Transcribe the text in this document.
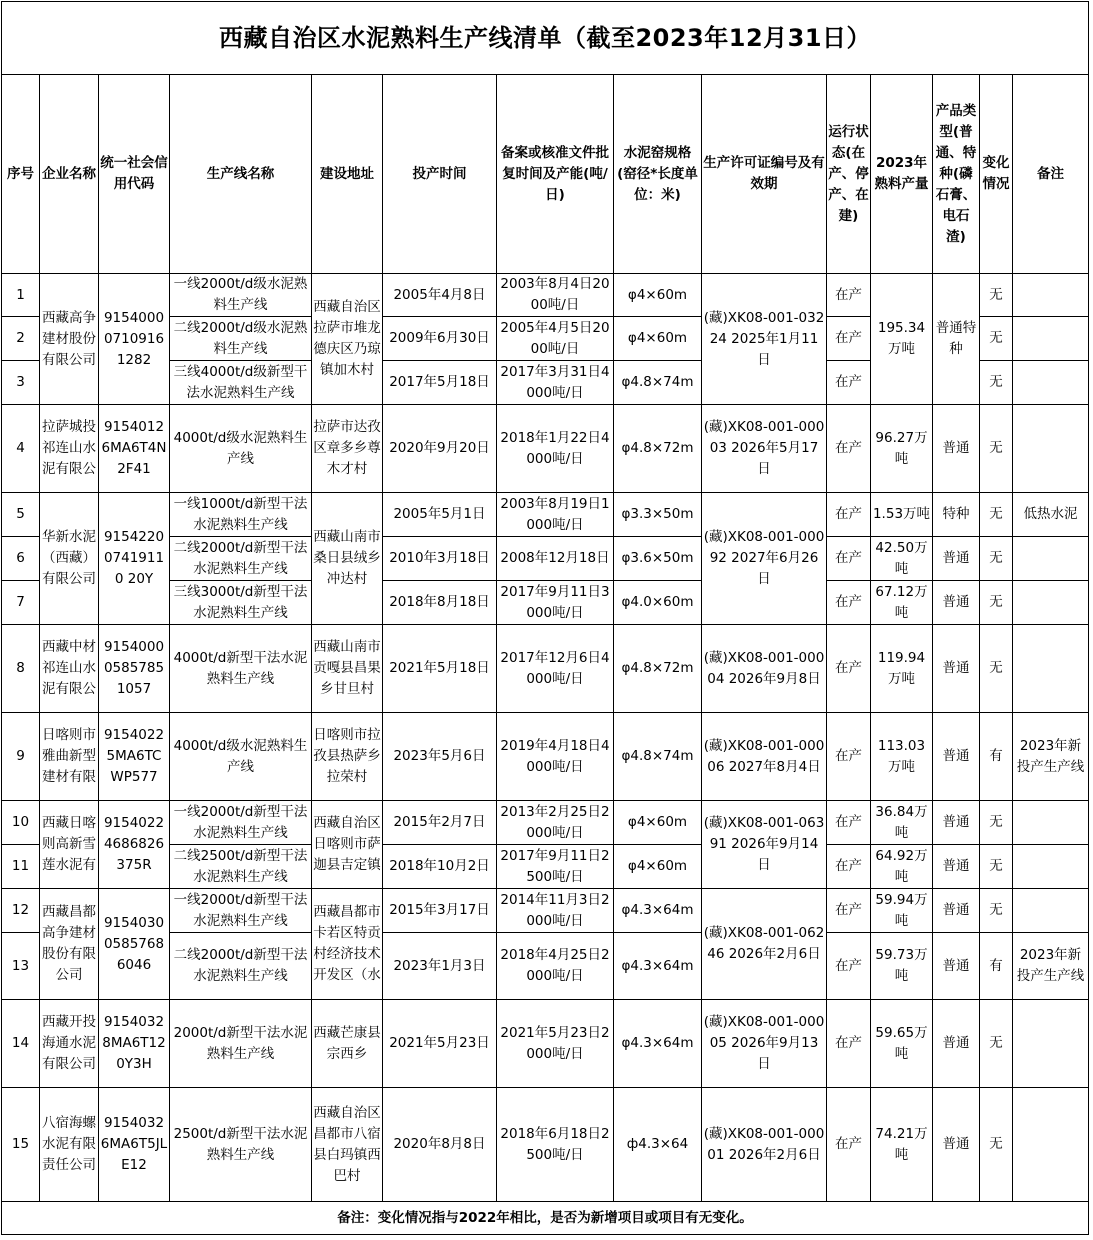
西藏自治区水泥熟料生产线清单（截至2023年12月31日）													
序号	企业名称	统一社会信用代码	生产线名称	建设地址	投产时间	备案或核准文件批复时间及产能(吨/日)	水泥窑规格(窑径*长度单位：米)	生产许可证编号及有效期	运行状态(在产、停产、在建)	2023年熟料产量	产品类型(普通、特种(磷石膏、电石渣)	变化情况	备注
1	西藏高争建材股份有限公司	915400007109161282	一线2000t/d级水泥熟料生产线	西藏自治区拉萨市堆龙德庆区乃琼镇加木村	2005年4月8日	2003年8月4日2000吨/日	φ4×60m	(藏)XK08-001-03224 2025年1月11日	在产	195.34万吨	普通特种	无	
2			二线2000t/d级水泥熟料生产线		2009年6月30日	2005年4月5日2000吨/日	φ4×60m		在产			无	
3			三线4000t/d级新型干法水泥熟料生产线		2017年5月18日	2017年3月31日4000吨/日	φ4.8×74m		在产			无	
4	拉萨城投祁连山水泥有限公	91540126MA6T4N2F41	4000t/d级水泥熟料生产线	拉萨市达孜区章多乡尊木才村	2020年9月20日	2018年1月22日4000吨/日	φ4.8×72m	(藏)XK08-001-00003 2026年5月17日	在产	96.27万吨	普通	无	
5	华新水泥（西藏）有限公司	915422007419110 20Y	一线1000t/d新型干法水泥熟料生产线	西藏山南市桑日县绒乡冲达村	2005年5月1日	2003年8月19日1000吨/日	φ3.3×50m	(藏)XK08-001-00092 2027年6月26日	在产	1.53万吨	特种	无	低热水泥
6			二线2000t/d新型干法水泥熟料生产线		2010年3月18日	2008年12月18日	φ3.6×50m		在产	42.50万吨	普通	无	
7			三线3000t/d新型干法水泥熟料生产线		2018年8月18日	2017年9月11日3000吨/日	φ4.0×60m		在产	67.12万吨	普通	无	
8	西藏中材祁连山水泥有限公	915400005857851057	4000t/d新型干法水泥熟料生产线	西藏山南市贡嘎县昌果乡甘旦村	2021年5月18日	2017年12月6日4000吨/日	φ4.8×72m	(藏)XK08-001-00004 2026年9月8日	在产	119.94万吨	普通	无	
9	日喀则市雅曲新型建材有限	91540225MA6TCWP577	4000t/d级水泥熟料生产线	日喀则市拉孜县热萨乡拉荣村	2023年5月6日	2019年4月18日4000吨/日	φ4.8×74m	(藏)XK08-001-00006 2027年8月4日	在产	113.03万吨	普通	有	2023年新投产生产线
10	西藏日喀则高新雪莲水泥有	91540224686826375R	一线2000t/d新型干法水泥熟料生产线	西藏自治区日喀则市萨迦县吉定镇	2015年2月7日	2013年2月25日2000吨/日	φ4×60m	(藏)XK08-001-06391 2026年9月14日	在产	36.84万吨	普通	无	
11			二线2500t/d新型干法水泥熟料生产线		2018年10月2日	2017年9月11日2500吨/日	φ4×60m		在产	64.92万吨	普通	无	
12	西藏昌都高争建材股份有限公司	915403005857686046	一线2000t/d新型干法水泥熟料生产线	西藏昌都市卡若区特贡村经济技术开发区（水	2015年3月17日	2014年11月3日2000吨/日	φ4.3×64m	(藏)XK08-001-06246 2026年2月6日	在产	59.94万吨	普通	无	
13			二线2000t/d新型干法水泥熟料生产线		2023年1月3日	2018年4月25日2000吨/日	φ4.3×64m		在产	59.73万吨	普通	有	2023年新投产生产线
14	西藏开投海通水泥有限公司	91540328MA6T120Y3H	2000t/d新型干法水泥熟料生产线	西藏芒康县宗西乡	2021年5月23日	2021年5月23日2000吨/日	φ4.3×64m	(藏)XK08-001-00005 2026年9月13日	在产	59.65万吨	普通	无	
15	八宿海螺水泥有限责任公司	91540326MA6T5JLE12	2500t/d新型干法水泥熟料生产线	西藏自治区昌都市八宿县白玛镇西巴村	2020年8月8日	2018年6月18日2500吨/日	ф4.3×64	(藏)XK08-001-00001 2026年2月6日	在产	74.21万吨	普通	无	
备注：变化情况指与2022年相比，是否为新增项目或项目有无变化。													
